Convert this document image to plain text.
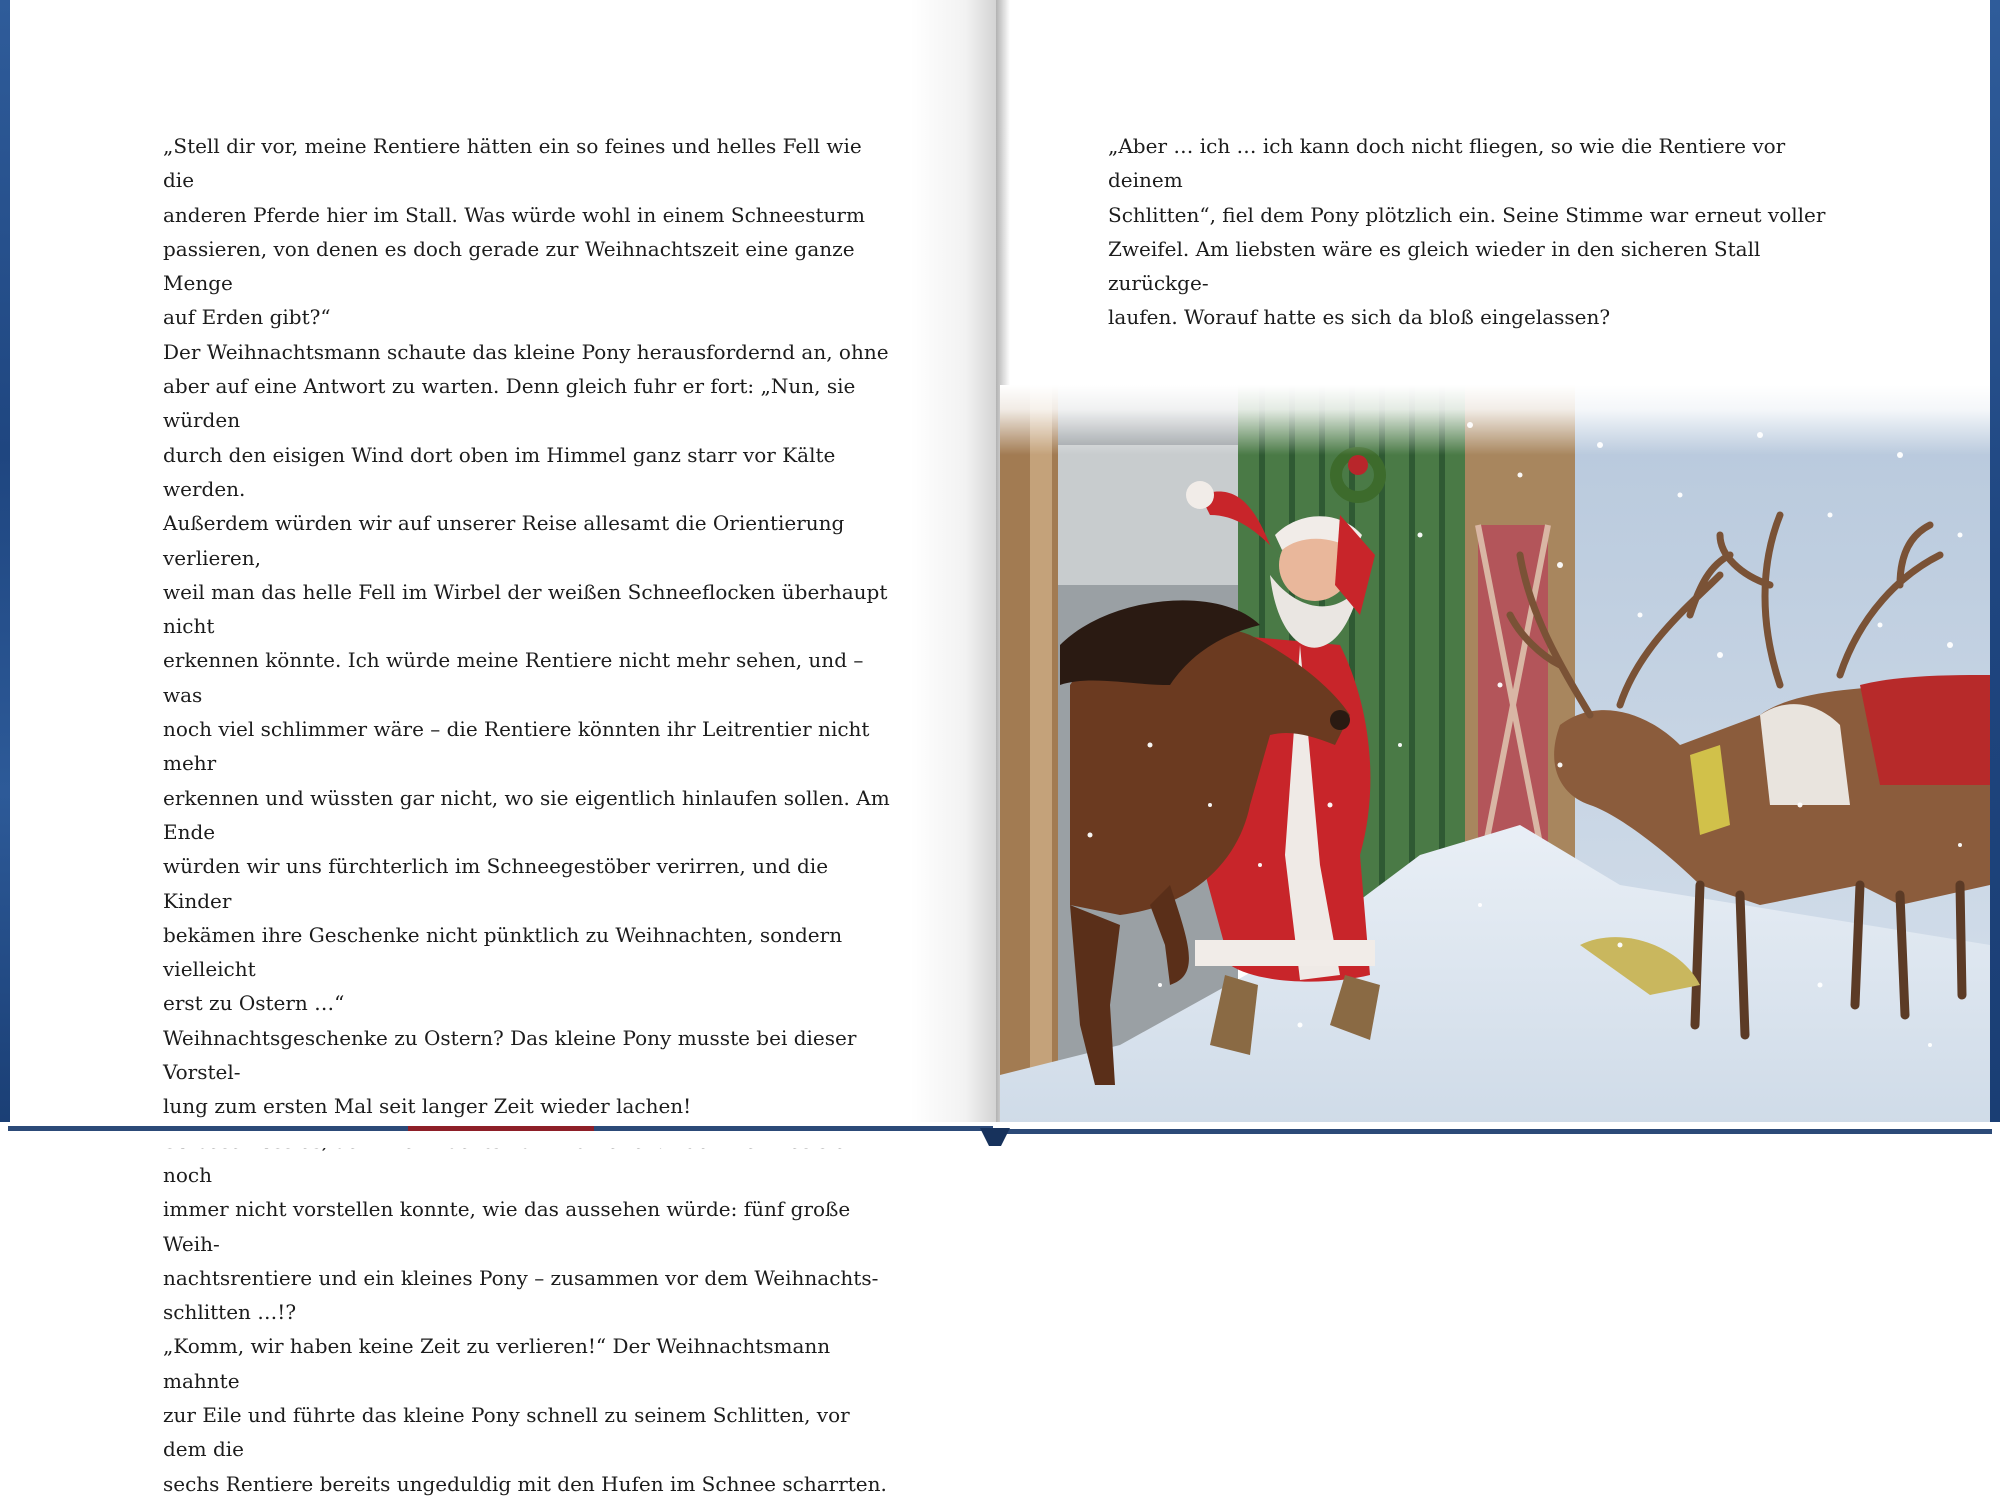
„Stell dir vor, meine Rentiere hätten ein so feines und helles Fell wie die

anderen Pferde hier im Stall. Was würde wohl in einem Schneesturm

passieren, von denen es doch gerade zur Weihnachtszeit eine ganze Menge

auf Erden gibt?“

Der Weihnachtsmann schaute das kleine Pony herausfordernd an, ohne

aber auf eine Antwort zu warten. Denn gleich fuhr er fort: „Nun, sie würden

durch den eisigen Wind dort oben im Himmel ganz starr vor Kälte werden.

Außerdem würden wir auf unserer Reise allesamt die Orientierung verlieren,

weil man das helle Fell im Wirbel der weißen Schneeflocken überhaupt nicht

erkennen könnte. Ich würde meine Rentiere nicht mehr sehen, und – was

noch viel schlimmer wäre – die Rentiere könnten ihr Leitrentier nicht mehr

erkennen und wüssten gar nicht, wo sie eigentlich hinlaufen sollen. Am Ende

würden wir uns fürchterlich im Schneegestöber verirren, und die Kinder

bekämen ihre Geschenke nicht pünktlich zu Weihnachten, sondern vielleicht

erst zu Ostern …“

Weihnachtsgeschenke zu Ostern? Das kleine Pony musste bei dieser Vorstel-

lung zum ersten Mal seit langer Zeit wieder lachen!

noch

immer nicht vorstellen konnte, wie das aussehen würde: fünf große Weih-

nachtsrentiere und ein kleines Pony – zusammen vor dem Weihnachts-

schlitten …!?

„Komm, wir haben keine Zeit zu verlieren!“ Der Weihnachtsmann mahnte

zur Eile und führte das kleine Pony schnell zu seinem Schlitten, vor dem die

sechs Rentiere bereits ungeduldig mit den Hufen im Schnee scharrten.

„Aber … ich … ich kann doch nicht fliegen, so wie die Rentiere vor deinem

Schlitten“, fiel dem Pony plötzlich ein. Seine Stimme war erneut voller

Zweifel. Am liebsten wäre es gleich wieder in den sicheren Stall zurückge-

laufen. Worauf hatte es sich da bloß eingelassen?
